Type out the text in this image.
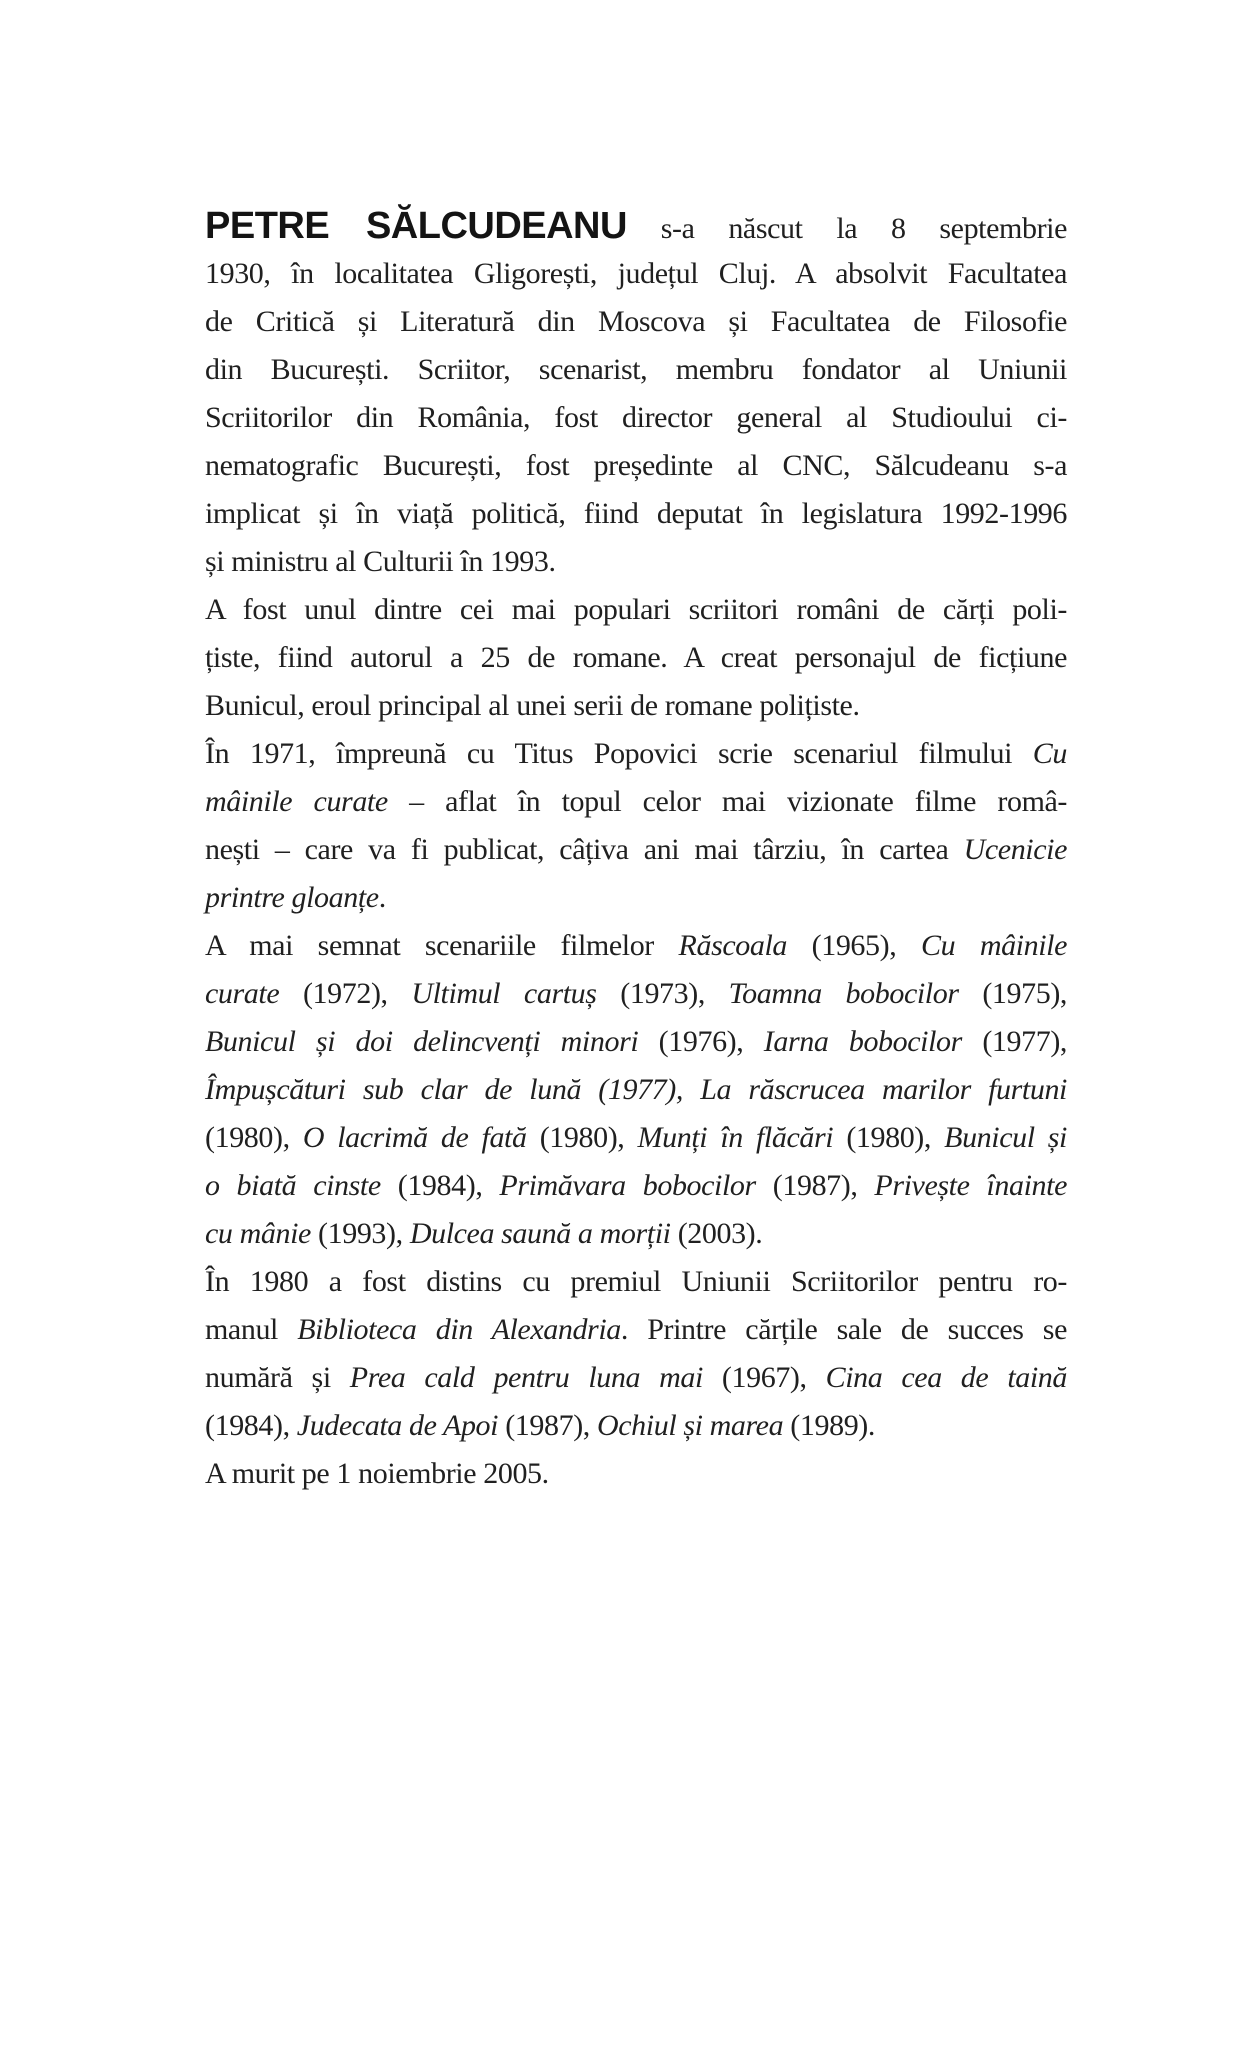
PETRE SĂLCUDEANU s-a născut la 8 septembrie
1930, în localitatea Gligorești, județul Cluj. A absolvit Facultatea
de Critică și Literatură din Moscova și Facultatea de Filosofie
din București. Scriitor, scenarist, membru fondator al Uniunii
Scriitorilor din România, fost director general al Studioului ci-
nematografic București, fost președinte al CNC, Sălcudeanu s-a
implicat și în viață politică, fiind deputat în legislatura 1992-1996
și ministru al Culturii în 1993.
A fost unul dintre cei mai populari scriitori români de cărți poli-
țiste, fiind autorul a 25 de romane. A creat personajul de ficțiune
Bunicul, eroul principal al unei serii de romane polițiste.
În 1971, împreună cu Titus Popovici scrie scenariul filmului Cu
mâinile curate – aflat în topul celor mai vizionate filme româ-
nești – care va fi publicat, câțiva ani mai târziu, în cartea Ucenicie
printre gloanțe.
A mai semnat scenariile filmelor Răscoala (1965), Cu mâinile
curate (1972), Ultimul cartuș (1973), Toamna bobocilor (1975),
Bunicul și doi delincvenți minori (1976), Iarna bobocilor (1977),
Împușcături sub clar de lună (1977), La răscrucea marilor furtuni
(1980), O lacrimă de fată (1980), Munți în flăcări (1980), Bunicul și
o biată cinste (1984), Primăvara bobocilor (1987), Privește înainte
cu mânie (1993), Dulcea saună a morții (2003).
În 1980 a fost distins cu premiul Uniunii Scriitorilor pentru ro-
manul Biblioteca din Alexandria. Printre cărțile sale de succes se
numără și Prea cald pentru luna mai (1967), Cina cea de taină
(1984), Judecata de Apoi (1987), Ochiul și marea (1989).
A murit pe 1 noiembrie 2005.
